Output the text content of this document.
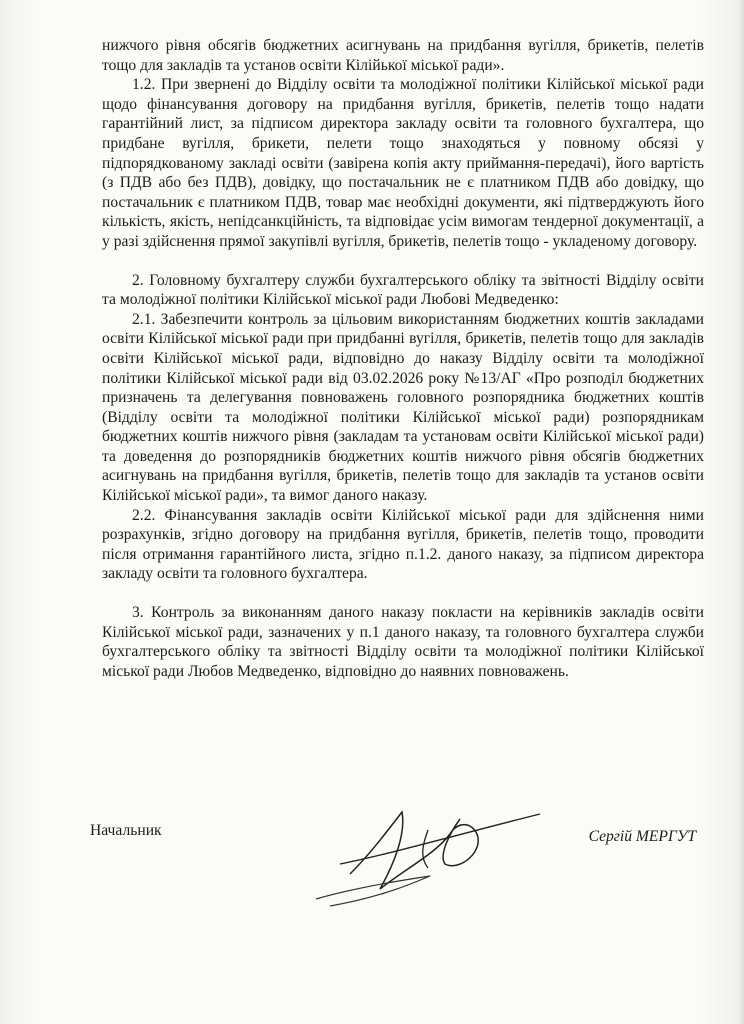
нижчого рівня обсягів бюджетних асигнувань на придбання вугілля, брикетів, пелетів тощо для закладів та установ освіти Кілійької міської ради».

1.2. При звернені до Відділу освіти та молодіжної політики Кілійської міської ради щодо фінансування договору на придбання вугілля, брикетів, пелетів тощо надати гарантійний лист, за підписом директора закладу освіти та головного бухгалтера, що придбане вугілля, брикети, пелети тощо знаходяться у повному обсязі у підпорядкованому закладі освіти (завірена копія акту приймання-передачі), його вартість (з ПДВ або без ПДВ), довідку, що постачальник не є платником ПДВ або довідку, що постачальник є платником ПДВ, товар має необхідні документи, які підтверджують його кількість, якість, непідсанкційність, та відповідає усім вимогам тендерної документації, а у разі здійснення прямої закупівлі вугілля, брикетів, пелетів тощо - укладеному договору.

2. Головному бухгалтеру служби бухгалтерського обліку та звітності Відділу освіти та молодіжної політики Кілійської міської ради Любові Медведенко:

2.1. Забезпечити контроль за цільовим використанням бюджетних коштів закладами освіти Кілійської міської ради при придбанні вугілля, брикетів, пелетів тощо для закладів освіти Кілійської міської ради, відповідно до наказу Відділу освіти та молодіжної політики Кілійської міської ради від 03.02.2026 року №13/АГ «Про розподіл бюджетних призначень та делегування повноважень головного розпорядника бюджетних коштів (Відділу освіти та молодіжної політики Кілійської міської ради) розпорядникам бюджетних коштів нижчого рівня (закладам та установам освіти Кілійської міської ради) та доведення до розпорядників бюджетних коштів нижчого рівня обсягів бюджетних асигнувань на придбання вугілля, брикетів, пелетів тощо для закладів та установ освіти Кілійської міської ради», та вимог даного наказу.

2.2. Фінансування закладів освіти Кілійської міської ради для здійснення ними розрахунків, згідно договору на придбання вугілля, брикетів, пелетів тощо, проводити після отримання гарантійного листа, згідно п.1.2. даного наказу, за підписом директора закладу освіти та головного бухгалтера.

3. Контроль за виконанням даного наказу покласти на керівників закладів освіти Кілійської міської ради, зазначених у п.1 даного наказу, та головного бухгалтера служби бухгалтерського обліку та звітності Відділу освіти та молодіжної політики Кілійської міської ради Любов Медведенко, відповідно до наявних повноважень.

Начальник	Сергій МЕРГУТ
